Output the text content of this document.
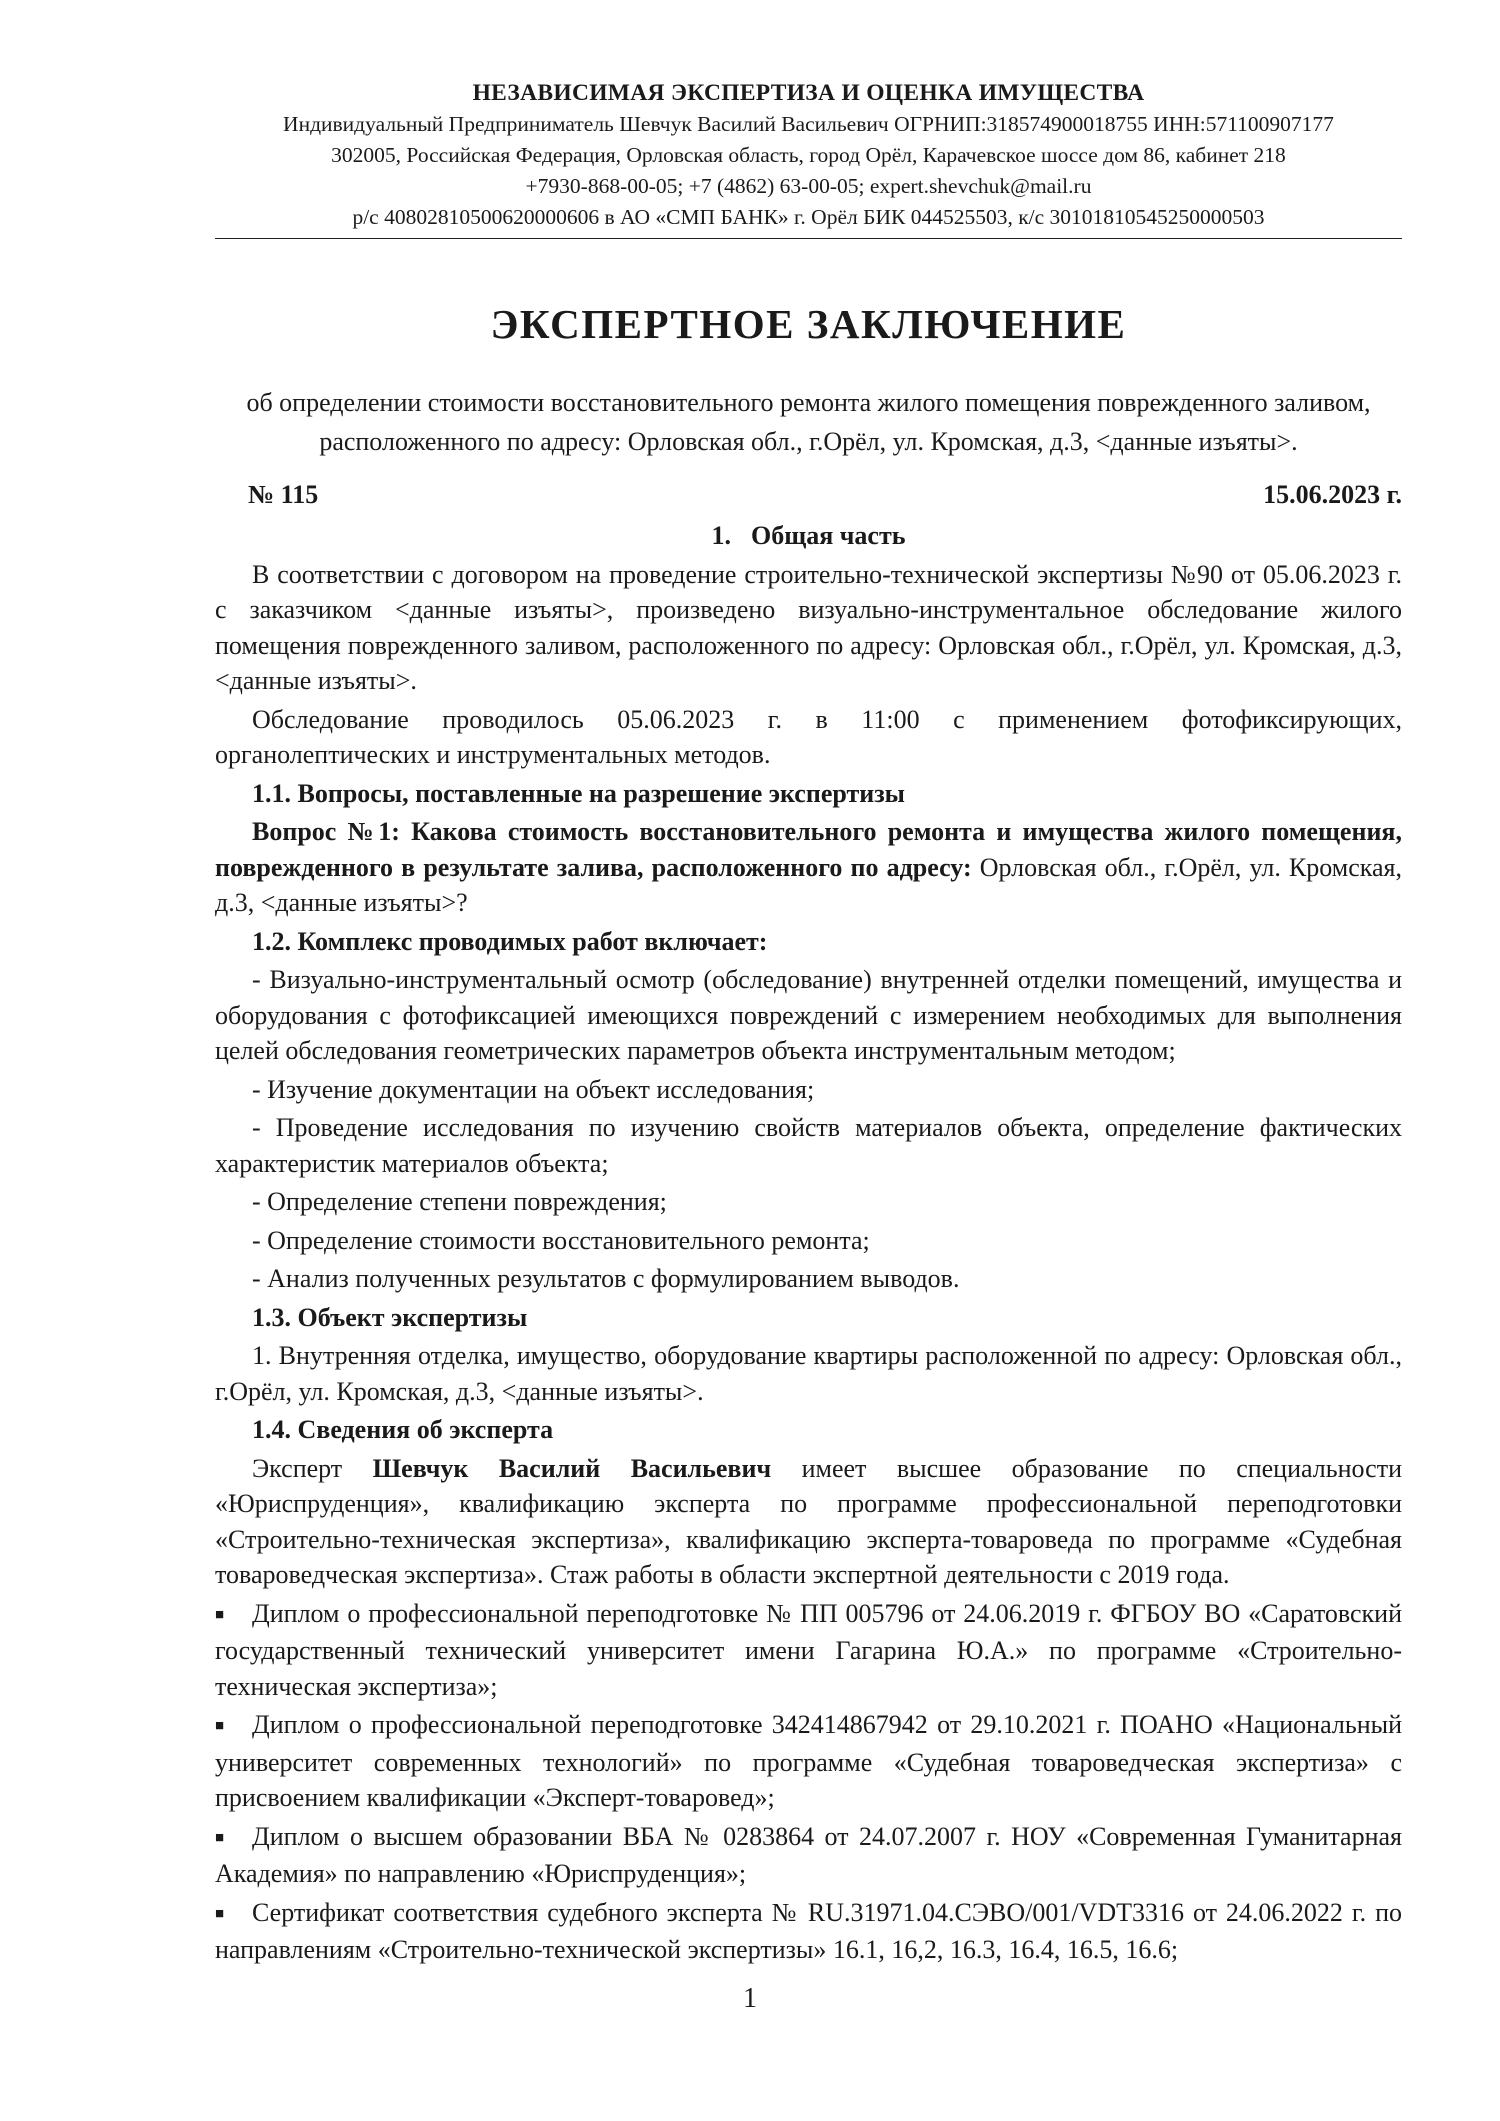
НЕЗАВИСИМАЯ ЭКСПЕРТИЗА И ОЦЕНКА ИМУЩЕСТВА
Индивидуальный Предприниматель Шевчук Василий Васильевич ОГРНИП:318574900018755 ИНН:571100907177
302005, Российская Федерация, Орловская область, город Орёл, Карачевское шоссе дом 86, кабинет 218
+7930-868-00-05; +7 (4862) 63-00-05; expert.shevchuk@mail.ru
р/с 40802810500620000606 в АО «СМП БАНК» г. Орёл БИК 044525503, к/с 30101810545250000503
ЭКСПЕРТНОЕ ЗАКЛЮЧЕНИЕ
об определении стоимости восстановительного ремонта жилого помещения поврежденного заливом,
расположенного по адресу: Орловская обл., г.Орёл, ул. Кромская, д.3, <данные изъяты>.
№ 115	15.06.2023 г.

1. Общая часть

В соответствии с договором на проведение строительно-технической экспертизы №90 от 05.06.2023 г. с заказчиком <данные изъяты>, произведено визуально-инструментальное обследование жилого помещения поврежденного заливом, расположенного по адресу: Орловская обл., г.Орёл, ул. Кромская, д.3, <данные изъяты>.

Обследование проводилось 05.06.2023 г. в 11:00 с применением фотофиксирующих, органолептических и инструментальных методов.

1.1. Вопросы, поставленные на разрешение экспертизы

Вопрос №1: Какова стоимость восстановительного ремонта и имущества жилого помещения, поврежденного в результате залива, расположенного по адресу: Орловская обл., г.Орёл, ул. Кромская, д.3, <данные изъяты>?

1.2. Комплекс проводимых работ включает:

- Визуально-инструментальный осмотр (обследование) внутренней отделки помещений, имущества и оборудования с фотофиксацией имеющихся повреждений с измерением необходимых для выполнения целей обследования геометрических параметров объекта инструментальным методом;

- Изучение документации на объект исследования;

- Проведение исследования по изучению свойств материалов объекта, определение фактических характеристик материалов объекта;

- Определение степени повреждения;

- Определение стоимости восстановительного ремонта;

- Анализ полученных результатов с формулированием выводов.

1.3. Объект экспертизы

1. Внутренняя отделка, имущество, оборудование квартиры расположенной по адресу: Орловская обл., г.Орёл, ул. Кромская, д.3, <данные изъяты>.

1.4. Сведения об эксперта

Эксперт Шевчук Василий Васильевич имеет высшее образование по специальности «Юриспруденция», квалификацию эксперта по программе профессиональной переподготовки «Строительно-техническая экспертиза», квалификацию эксперта-товароведа по программе «Судебная товароведческая экспертиза». Стаж работы в области экспертной деятельности с 2019 года.

■ Диплом о профессиональной переподготовке № ПП 005796 от 24.06.2019 г. ФГБОУ ВО «Саратовский государственный технический университет имени Гагарина Ю.А.» по программе «Строительно-техническая экспертиза»;

■ Диплом о профессиональной переподготовке 342414867942 от 29.10.2021 г. ПОАНО «Национальный университет современных технологий» по программе «Судебная товароведческая экспертиза» с присвоением квалификации «Эксперт-товаровед»;

■ Диплом о высшем образовании ВБА № 0283864 от 24.07.2007 г. НОУ «Современная Гуманитарная Академия» по направлению «Юриспруденция»;

■ Сертификат соответствия судебного эксперта № RU.31971.04.СЭВО/001/VDT3316 от 24.06.2022 г. по направлениям «Строительно-технической экспертизы» 16.1, 16,2, 16.3, 16.4, 16.5, 16.6;

1
